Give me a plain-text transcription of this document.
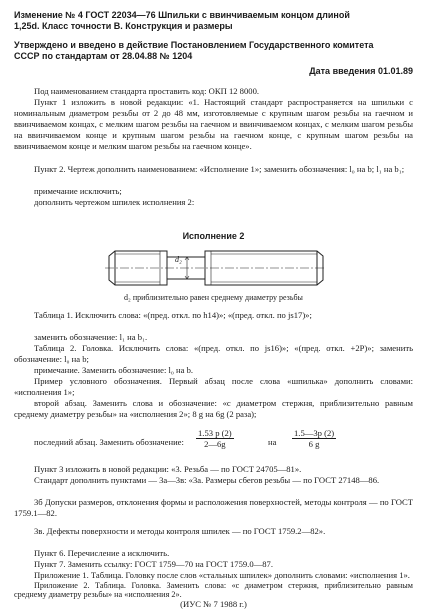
Изменение № 4 ГОСТ 22034—76 Шпильки с ввинчиваемым концом длиной

1,25d. Класс точности В. Конструкция и размеры

Утверждено и введено в действие Постановлением Государственного комитета

СССР по стандартам от 28.04.88 № 1204

Дата введения 01.01.89

Под наименованием стандарта проставить код: ОКП 12 8000.

Пункт 1 изложить в новой редакции: «1. Настоящий стандарт распространяется на шпильки с номинальным диаметром резьбы от 2 до 48 мм, изготовляемые с крупным шагом резьбы на гаечном и ввинчиваемом концах, с мелким шагом резьбы на гаечном и ввинчиваемом концах, с мелким шагом резьбы на ввинчиваемом конце и крупным шагом резьбы на гаечном конце, с крупным шагом резьбы на ввинчиваемом конце и мелким шагом резьбы на гаечном конце».

Пункт 2. Чертеж дополнить наименованием: «Исполнение 1»; заменить обозначения: l₀ на b; l₁ на b₁;

примечание исключить;

дополнить чертежом шпилек исполнения 2:

Исполнение 2

d₂

d₂ приблизительно равен среднему диаметру резьбы

Таблица 1. Исключить слова: «(пред. откл. по h14)»; «(пред. откл. по js17)»;

заменить обозначение: l₁ на b₁.

Таблица 2. Головка. Исключить слова: «(пред. откл. по js16)»; «(пред. откл. +2P)»; заменить обозначение: l₀ на b;

примечание. Заменить обозначение: l₀ на b.

Пример условного обозначения. Первый абзац после слова «шпилька» дополнить словами: «исполнения 1»;

второй абзац. Заменить слова и обозначение: «с диаметром стержня, приблизительно равным среднему диаметру резьбы» на «исполнения 2»; 8 g на 6g (2 раза);

последний абзац. Заменить обозначение:	$\frac{1.53 p (2)}{2—6g}$	на $\frac{1.5—3p (2)}{6 g}$

Пункт 3 изложить в новой редакции: «3. Резьба — по ГОСТ 24705—81».

Стандарт дополнить пунктами — 3а—3в: «3а. Размеры сбегов резьбы — по ГОСТ 27148—86.

3б Допуски размеров, отклонения формы и расположения поверхностей, методы контроля — по ГОСТ 1759.1—82.

3в. Дефекты поверхности и методы контроля шпилек — по ГОСТ 1759.2—82».

Пункт 6. Перечисление а исключить.

Пункт 7. Заменить ссылку: ГОСТ 1759—70 на ГОСТ 1759.0—87.

Приложение 1. Таблица. Головку после слов «стальных шпилек» дополнить словами: «исполнения 1».

Приложение 2. Таблица. Головка. Заменить слова: «с диаметром стержня, приблизительно равным среднему диаметру резьбы» на «исполнения 2».

(ИУС № 7 1988 г.)
